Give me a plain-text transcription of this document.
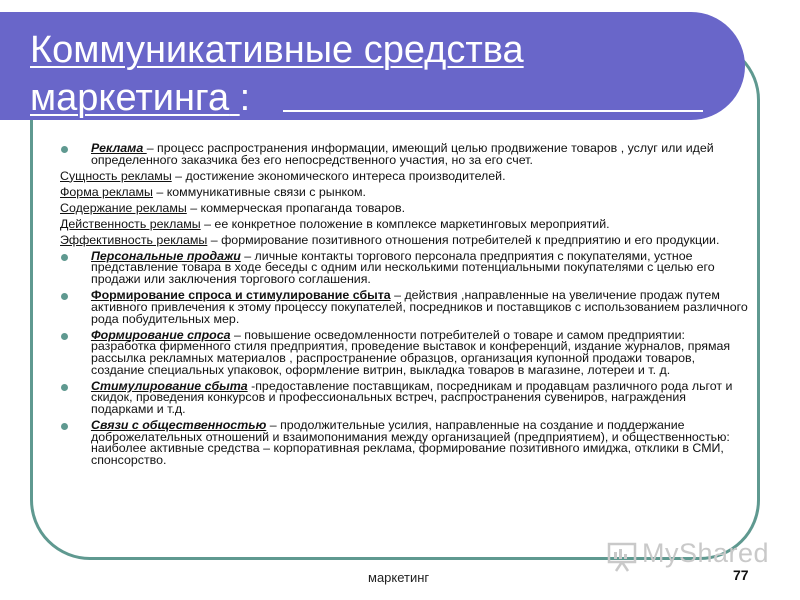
Коммуникативные средства маркетинга :
Реклама – процесс распространения информации, имеющий целью продвижение товаров , услуг или идей определенного заказчика без его непосредственного участия, но за его счет.
Сущность рекламы – достижение экономического интереса производителей.
Форма рекламы – коммуникативные связи с рынком.
Содержание рекламы – коммерческая пропаганда товаров.
Действенность рекламы – ее конкретное положение в комплексе маркетинговых мероприятий.
Эффективность рекламы – формирование позитивного отношения потребителей к предприятию и его продукции.
Персональные продажи – личные контакты торгового персонала предприятия с покупателями, устное представление товара в ходе беседы с одним или несколькими потенциальными покупателями с целью его продажи или заключения торгового соглашения.
Формирование спроса и стимулирование сбыта – действия ,направленные на увеличение продаж путем активного привлечения к этому процессу покупателей, посредников и поставщиков с использованием различного рода побудительных мер.
Формирование спроса – повышение осведомленности потребителей о товаре и самом предприятии: разработка фирменного стиля предприятия, проведение выставок и конференций, издание журналов, прямая рассылка рекламных материалов , распространение образцов, организация купонной продажи товаров, создание специальных упаковок, оформление витрин, выкладка товаров в магазине, лотереи и т. д.
Стимулирование сбыта -предоставление поставщикам, посредникам и продавцам различного рода льгот и скидок, проведения конкурсов и профессиональных встреч, распространения сувениров, награждения подарками и т.д.
Связи с общественностью – продолжительные усилия, направленные на создание и поддержание доброжелательных отношений и взаимопонимания между организацией (предприятием), и общественностью: наиболее активные средства – корпоративная реклама, формирование позитивного имиджа, отклики в СМИ, спонсорство.
MyShared
маркетинг	77
